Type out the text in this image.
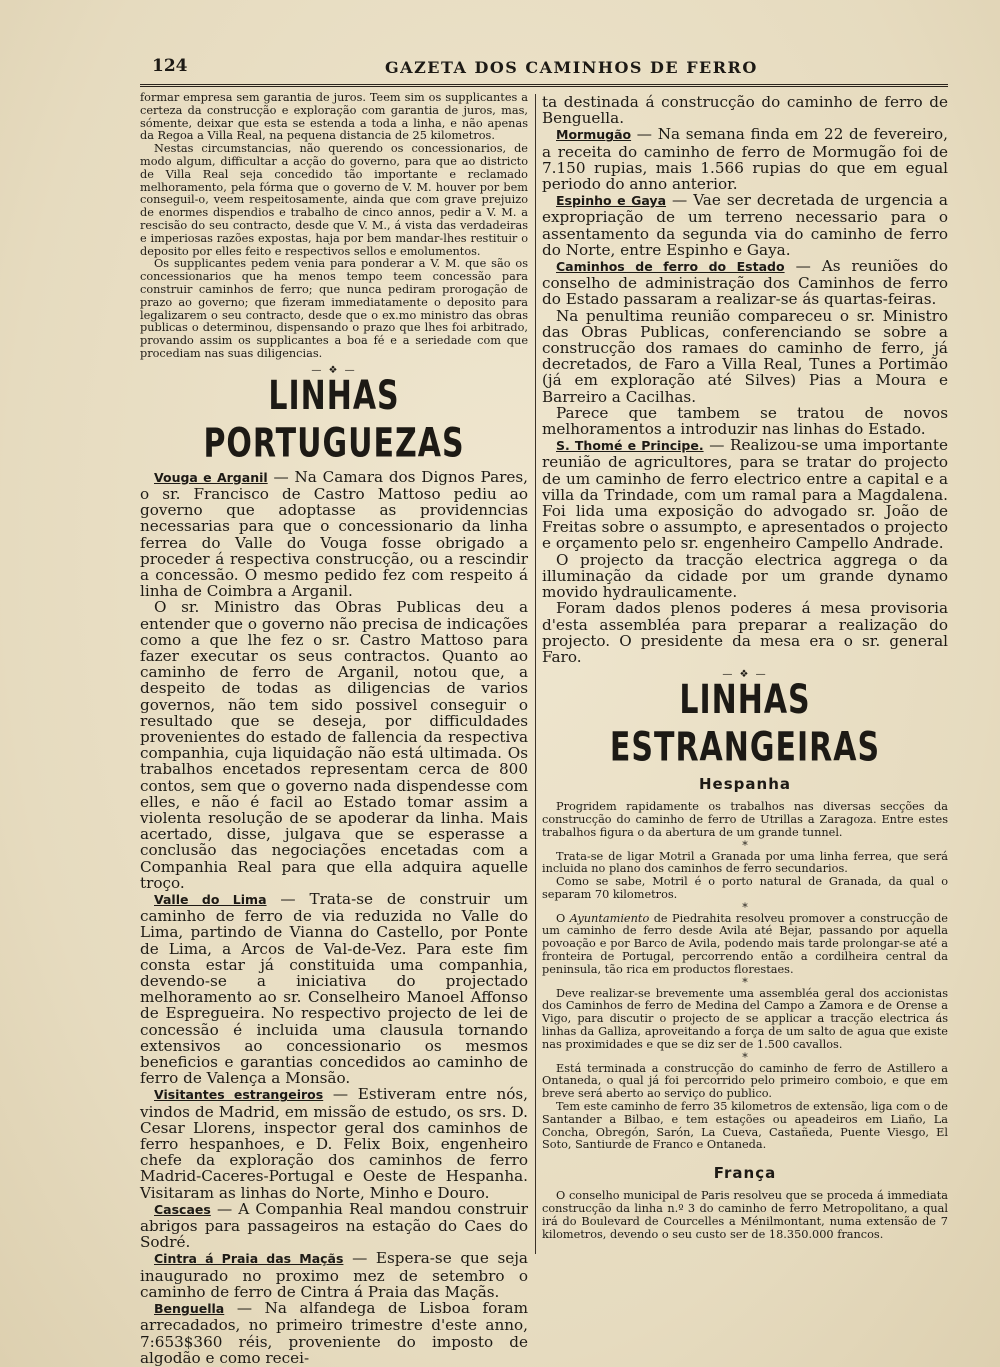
124	GAZETA DOS CAMINHOS DE FERRO

formar empresa sem garantia de juros. Teem sim os supplicantes a certeza da construcção e exploração com garantia de juros, mas, sómente, deixar que esta se estenda a toda a linha, e não apenas da Regoa a Villa Real, na pequena distancia de 25 kilometros.

Nestas circumstancias, não querendo os concessionarios, de modo algum, difficultar a acção do governo, para que ao districto de Villa Real seja concedido tão importante e reclamado melhoramento, pela fórma que o governo de V. M. houver por bem conseguil-o, veem respeitosamente, ainda que com grave prejuizo de enormes dispendios e trabalho de cinco annos, pedir a V. M. a rescisão do seu contracto, desde que V. M., á vista das verdadeiras e imperiosas razões expostas, haja por bem mandar-lhes restituir o deposito por elles feito e respectivos sellos e emolumentos.

Os supplicantes pedem venia para ponderar a V. M. que são os concessionarios que ha menos tempo teem concessão para construir caminhos de ferro; que nunca pediram prorogação de prazo ao governo; que fizeram immediatamente o deposito para legalizarem o seu contracto, desde que o ex.mo ministro das obras publicas o determinou, dispensando o prazo que lhes foi arbitrado, provando assim os supplicantes a boa fé e a seriedade com que procediam nas suas diligencias.

— ❖ —
LINHAS PORTUGUEZAS

Vouga e Arganil — Na Camara dos Dignos Pares, o sr. Francisco de Castro Mattoso pediu ao governo que adoptasse as providenncias necessarias para que o concessionario da linha ferrea do Valle do Vouga fosse obrigado a proceder á respectiva construcção, ou a rescindir a concessão. O mesmo pedido fez com respeito á linha de Coimbra a Arganil.

O sr. Ministro das Obras Publicas deu a entender que o governo não precisa de indicações como a que lhe fez o sr. Castro Mattoso para fazer executar os seus contractos. Quanto ao caminho de ferro de Arganil, notou que, a despeito de todas as diligencias de varios governos, não tem sido possivel conseguir o resultado que se deseja, por difficuldades provenientes do estado de fallencia da respectiva companhia, cuja liquidação não está ultimada. Os trabalhos encetados representam cerca de 800 contos, sem que o governo nada dispendesse com elles, e não é facil ao Estado tomar assim a violenta resolução de se apoderar da linha. Mais acertado, disse, julgava que se esperasse a conclusão das negociações encetadas com a Companhia Real para que ella adquira aquelle troço.

Valle do Lima — Trata-se de construir um caminho de ferro de via reduzida no Valle do Lima, partindo de Vianna do Castello, por Ponte de Lima, a Arcos de Val-de-Vez. Para este fim consta estar já constituida uma companhia, devendo-se a iniciativa do projectado melhoramento ao sr. Conselheiro Manoel Affonso de Espregueira. No respectivo projecto de lei de concessão é incluida uma clausula tornando extensivos ao concessionario os mesmos beneficios e garantias concedidos ao caminho de ferro de Valença a Monsão.

Visitantes estrangeiros — Estiveram entre nós, vindos de Madrid, em missão de estudo, os srs. D. Cesar Llorens, inspector geral dos caminhos de ferro hespanhoes, e D. Felix Boix, engenheiro chefe da exploração dos caminhos de ferro Madrid-Caceres-Portugal e Oeste de Hespanha. Visitaram as linhas do Norte, Minho e Douro.

Cascaes — A Companhia Real mandou construir abrigos para passageiros na estação do Caes do Sodré.

Cintra á Praia das Maçãs — Espera-se que seja inaugurado no proximo mez de setembro o caminho de ferro de Cintra á Praia das Maçãs.

Benguella — Na alfandega de Lisboa foram arrecadados, no primeiro trimestre d'este anno, 7:653$360 réis, proveniente do imposto de algodão e como recei-

ta destinada á construcção do caminho de ferro de Benguella.

Mormugão — Na semana finda em 22 de fevereiro, a receita do caminho de ferro de Mormugão foi de 7.150 rupias, mais 1.566 rupias do que em egual periodo do anno anterior.

Espinho e Gaya — Vae ser decretada de urgencia a expropriação de um terreno necessario para o assentamento da segunda via do caminho de ferro do Norte, entre Espinho e Gaya.

Caminhos de ferro do Estado — As reuniões do conselho de administração dos Caminhos de ferro do Estado passaram a realizar-se ás quartas-feiras.

Na penultima reunião compareceu o sr. Ministro das Obras Publicas, conferenciando se sobre a construcção dos ramaes do caminho de ferro, já decretados, de Faro a Villa Real, Tunes a Portimão (já em exploração até Silves) Pias a Moura e Barreiro a Cacilhas.

Parece que tambem se tratou de novos melhoramentos a introduzir nas linhas do Estado.

S. Thomé e Principe. — Realizou-se uma importante reunião de agricultores, para se tratar do projecto de um caminho de ferro electrico entre a capital e a villa da Trindade, com um ramal para a Magdalena. Foi lida uma exposição do advogado sr. João de Freitas sobre o assumpto, e apresentados o projecto e orçamento pelo sr. engenheiro Campello Andrade.

O projecto da tracção electrica aggrega o da illuminação da cidade por um grande dynamo movido hydraulicamente.

Foram dados plenos poderes á mesa provisoria d'esta assembléa para preparar a realização do projecto. O presidente da mesa era o sr. general Faro.

— ❖ —
LINHAS ESTRANGEIRAS
Hespanha

Progridem rapidamente os trabalhos nas diversas secções da construcção do caminho de ferro de Utrillas a Zaragoza. Entre estes trabalhos figura o da abertura de um grande tunnel.

*

Trata-se de ligar Motril a Granada por uma linha ferrea, que será incluida no plano dos caminhos de ferro secundarios.

Como se sabe, Motril é o porto natural de Granada, da qual o separam 70 kilometros.

*

O Ayuntamiento de Piedrahita resolveu promover a construcção de um caminho de ferro desde Avila até Bejar, passando por aquella povoação e por Barco de Avila, podendo mais tarde prolongar-se até a fronteira de Portugal, percorrendo então a cordilheira central da peninsula, tão rica em productos florestaes.

*

Deve realizar-se brevemente uma assembléa geral dos accionistas dos Caminhos de ferro de Medina del Campo a Zamora e de Orense a Vigo, para discutir o projecto de se applicar a tracção electrica ás linhas da Galliza, aproveitando a força de um salto de agua que existe nas proximidades e que se diz ser de 1.500 cavallos.

*

Está terminada a construcção do caminho de ferro de Astillero a Ontaneda, o qual já foi percorrido pelo primeiro comboio, e que em breve será aberto ao serviço do publico.

Tem este caminho de ferro 35 kilometros de extensão, liga com o de Santander a Bilbao, e tem estações ou apeadeiros em Liaño, La Concha, Obregón, Sarón, La Cueva, Castañeda, Puente Viesgo, El Soto, Santiurde de Franco e Ontaneda.

França

O conselho municipal de Paris resolveu que se proceda á immediata construcção da linha n.º 3 do caminho de ferro Metropolitano, a qual irá do Boulevard de Courcelles a Ménilmontant, numa extensão de 7 kilometros, devendo o seu custo ser de 18.350.000 francos.
